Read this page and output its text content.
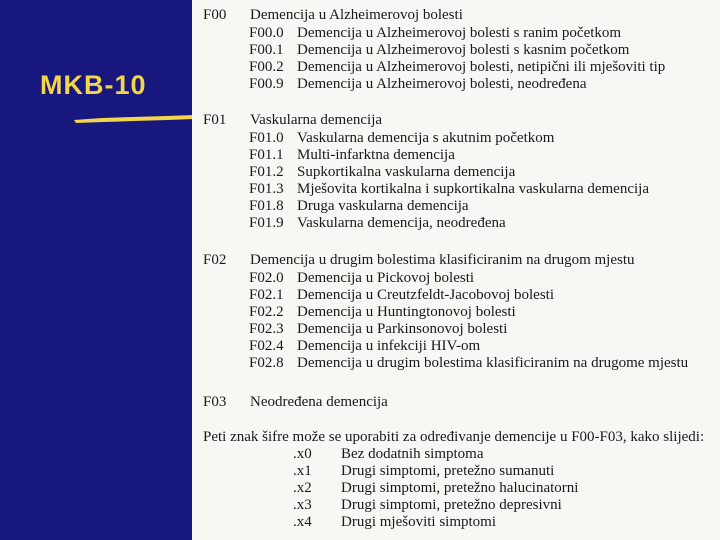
MKB-10
F00 Demencija u Alzheimerovoj bolesti
F00.0 Demencija u Alzheimerovoj bolesti s ranim početkom
F00.1 Demencija u Alzheimerovoj bolesti s kasnim početkom
F00.2 Demencija u Alzheimerovoj bolesti, netipični ili mješoviti tip
F00.9 Demencija u Alzheimerovoj bolesti, neodređena
F01 Vaskularna demencija
F01.0 Vaskularna demencija s akutnim početkom
F01.1 Multi-infarktna demencija
F01.2 Supkortikalna vaskularna demencija
F01.3 Mješovita kortikalna i supkortikalna vaskularna demencija
F01.8 Druga vaskularna demencija
F01.9 Vaskularna demencija, neodređena
F02 Demencija u drugim bolestima klasificiranim na drugom mjestu
F02.0 Demencija u Pickovoj bolesti
F02.1 Demencija u Creutzfeldt-Jacobovoj bolesti
F02.2 Demencija u Huntingtonovoj bolesti
F02.3 Demencija u Parkinsonovoj bolesti
F02.4 Demencija u infekciji HIV-om
F02.8 Demencija u drugim bolestima klasificiranim na drugome mjestu
F03 Neodređena demencija
Peti znak šifre može se uporabiti za određivanje demencije u F00-F03, kako slijedi:
.x0 Bez dodatnih simptoma
.x1 Drugi simptomi, pretežno sumanuti
.x2 Drugi simptomi, pretežno halucinatorni
.x3 Drugi simptomi, pretežno depresivni
.x4 Drugi mješoviti simptomi
